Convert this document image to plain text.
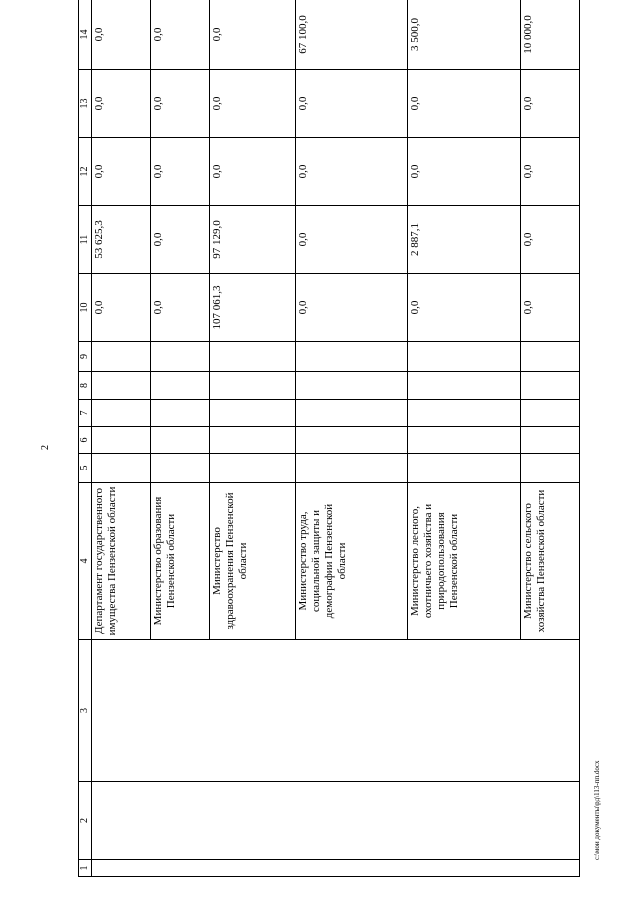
2
1	2	3	4	5	6	7	8	9	10	11	12	13	14
			Департамент государственного имущества Пензенской области						0,0	53 625,3	0,0	0,0	0,0
			Министерство образования Пензенской области						0,0	0,0	0,0	0,0	0,0
			Министерство здравоохранения Пензенской области						107 061,3	97 129,0	0,0	0,0	0,0
			Министерство труда, социальной защиты и демографии Пензенской области						0,0	0,0	0,0	0,0	67 100,0
			Министерство лесного, охотничьего хозяйства и природопользования Пензенской области						0,0	2 887,1	0,0	0,0	3 500,0
			Министерство сельского хозяйства Пензенской области						0,0	0,0	0,0	0,0	10 000,0
c:\мои документы\рд\113-пп.docx
